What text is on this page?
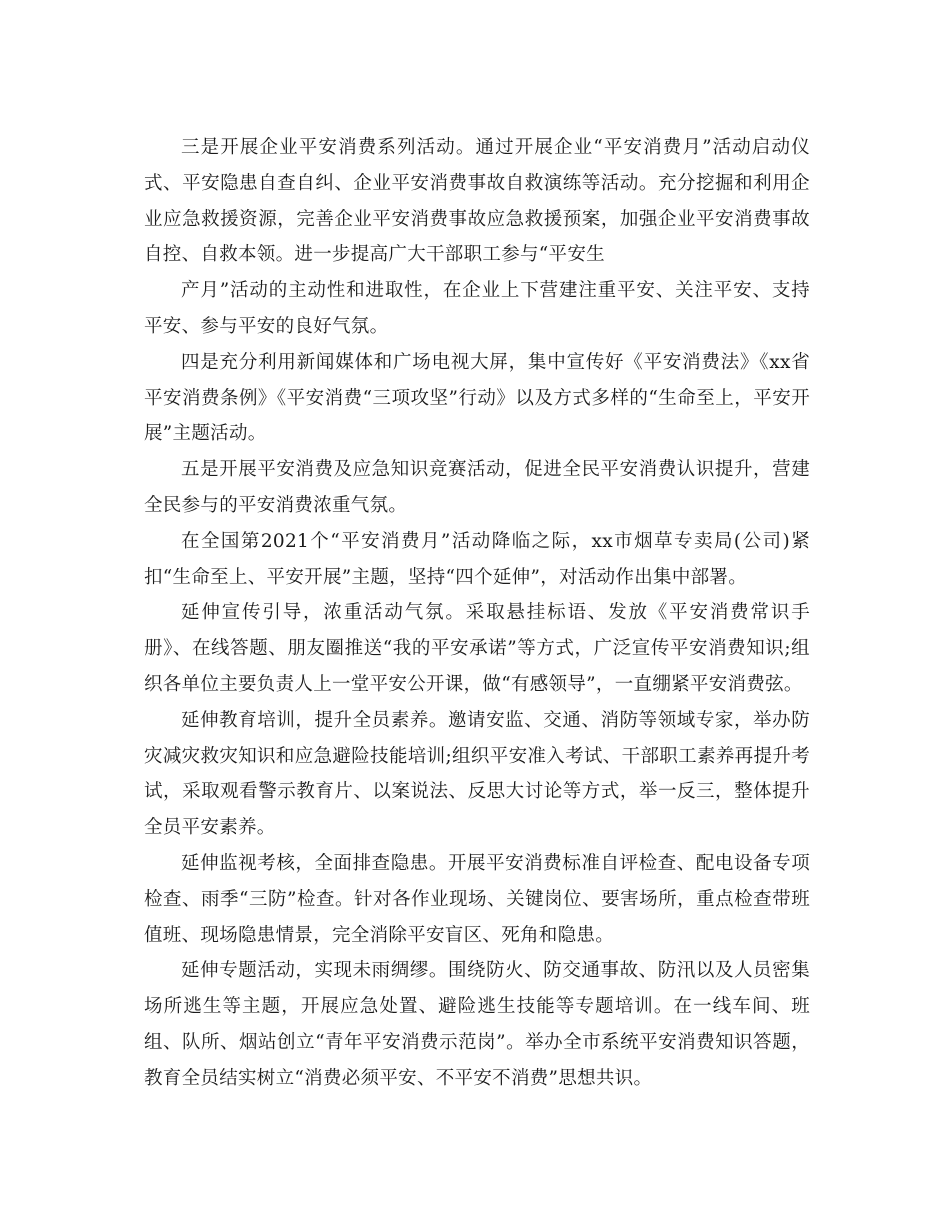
三是开展企业平安消费系列活动。通过开展企业“平安消费月”活动启动仪式、平安隐患自查自纠、企业平安消费事故自救演练等活动。充分挖掘和利用企业应急救援资源，完善企业平安消费事故应急救援预案，加强企业平安消费事故自控、自救本领。进一步提高广大干部职工参与“平安生

产月”活动的主动性和进取性，在企业上下营建注重平安、关注平安、支持平安、参与平安的良好气氛。

四是充分利用新闻媒体和广场电视大屏，集中宣传好《平安消费法》《xx省平安消费条例》《平安消费“三项攻坚”行动》以及方式多样的“生命至上，平安开展”主题活动。

五是开展平安消费及应急知识竞赛活动，促进全民平安消费认识提升，营建全民参与的平安消费浓重气氛。

在全国第2021个“平安消费月”活动降临之际，xx市烟草专卖局(公司)紧扣“生命至上、平安开展”主题，坚持“四个延伸”，对活动作出集中部署。

延伸宣传引导，浓重活动气氛。采取悬挂标语、发放《平安消费常识手册》、在线答题、朋友圈推送“我的平安承诺”等方式，广泛宣传平安消费知识;组织各单位主要负责人上一堂平安公开课，做“有感领导”，一直绷紧平安消费弦。

延伸教育培训，提升全员素养。邀请安监、交通、消防等领域专家，举办防灾减灾救灾知识和应急避险技能培训;组织平安准入考试、干部职工素养再提升考试，采取观看警示教育片、以案说法、反思大讨论等方式，举一反三，整体提升全员平安素养。

延伸监视考核，全面排查隐患。开展平安消费标准自评检查、配电设备专项检查、雨季“三防”检查。针对各作业现场、关键岗位、要害场所，重点检查带班值班、现场隐患情景，完全消除平安盲区、死角和隐患。

延伸专题活动，实现未雨绸缪。围绕防火、防交通事故、防汛以及人员密集场所逃生等主题，开展应急处置、避险逃生技能等专题培训。在一线车间、班组、队所、烟站创立“青年平安消费示范岗”。举办全市系统平安消费知识答题，教育全员结实树立“消费必须平安、不平安不消费”思想共识。
